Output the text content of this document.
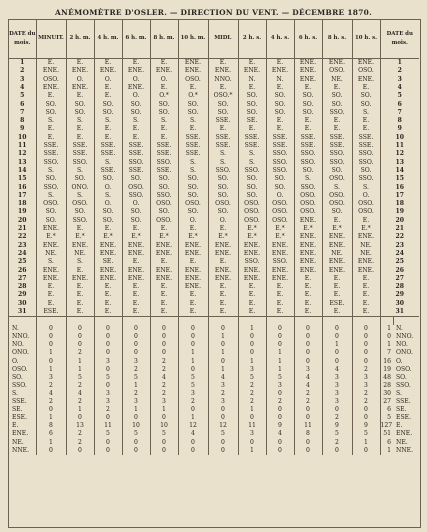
ANÉMOMÈTRE D'OSLER. — DIRECTION DU VENT. — DÉCEMBRE 1870.
DATE du mois.	MINUIT.	2 h. m.	4 h. m.	6 h. m.	8 h. m.	10 h. m.	MIDI.	2 h. s.	4 h. s.	6 h. s.	8 h. s.	10 h. s.	DATE du mois.	
1	E.	E.	E.	E.	E.	ENE.	E.	E.	E.	ENE.	ENE.	ENE.	1	
2	ENE.	ENE.	ENE.	ENE.	ENE.	ENE.	ENE.	ENE.	ENE.	ENE.	OSO.	OSO.	2	
3	OSO.	O.	O.	O.	O.	OSO.	NNO.	N.	N.	ENE.	NE.	ENE.	3	
4	ENE.	ENE.	E.	ENE.	E.	E.	E.	E.	E.	E.	E.	E.	4	
5	E.	E.	E.	O.	O.*	O.*	OSO.*	SO.	SO.	SO.	SO.	SO.	5	
6	SO.	SO.	SO.	SO.	SO.	SO.	SO.	SO.	SO.	SO.	SO.	SO.	6	
7	SO.	SO.	SO.	SO.	SO.	SO.	SO.	SO.	SO.	SO.	SSO.	S.	7	
8	S.	S.	S.	S.	S.	S.	SSE.	SE.	E.	E.	E.	E.	8	
9	E.	E.	E.	E.	E.	E.	E.	E.	E.	E.	E.	E.	9	
10	E.	E.	E.	E.	E.	SSE.	SSE.	SSE.	SSE.	SSE.	SSE.	SSE.	10	
11	SSE.	SSE.	SSE.	SSE.	SSE.	SSE.	SSE.	SSE.	SSE.	SSE.	SSE.	SSE.	11	
12	SSE.	SSE.	SSE.	SSE.	SSE.	SSE.	S.	S.	SSO.	SSO.	SSO.	SSO.	12	
13	SSO.	SSO.	S.	SSO.	SSO.	S.	S.	S.	SSO.	SSO.	SSO.	SSO.	13	
14	S.	S.	SSE.	SSE.	SSE.	S.	SSO.	SSO.	SSO.	SO.	SO.	SO.	14	
15	SO.	SO.	SO.	SO.	SO.	SO.	SO.	SO.	SO.	S.	OSO.	SSO.	15	
16	SSO.	ONO.	O.	OSO.	SO.	SO.	SO.	SO.	SO.	SSO.	S.	S.	16	
17	S.	S.	S.	SSO.	SSO.	SO.	SO.	SO.	O.	OSO.	OSO.	O.	17	
18	OSO.	OSO.	O.	O.	OSO.	OSO.	OSO.	OSO.	OSO.	OSO.	OSO.	OSO.	18	
19	SO.	SO.	SO.	SO.	SO.	SO.	SO.	OSO.	OSO.	OSO.	SO.	OSO.	19	
20	SO.	SSO.	SO.	SO.	OSO.	O.	O.	OSO.	OSO.	ENE.	E.	E.	20	
21	ENE.	E.	E.	E.	E.	E.	E.	E.*	E.*	E.*	E.*	E.*	21	
22	E.*	E.*	E.*	E.*	E.*	E.*	E.*	E.*	E.*	ENE.	ENE.	ENE.	22	
23	ENE.	ENE.	ENE.	ENE.	ENE.	ENE.	ENE.	ENE.	ENE.	ENE.	ENE.	NE.	23	
24	NE.	NE.	ENE.	ENE.	ENE.	ENE.	ENE.	ENE.	ENE.	ENE.	NE.	NE.	24	
25	S.	S.	SE.	E.	E.	E.	E.	SSO.	SSO.	ENE.	ENE.	ENE.	25	
26	ENE.	E.	ENE.	ENE.	ENE.	ENE.	ENE.	ENE.	ENE.	ENE.	ENE.	ENE.	26	
27	ENE.	ENE.	ENE.	ENE.	ENE.	ENE.	ENE.	ENE.	ENE.	E.	E.	E.	27	
28	E.	E.	E.	E.	E.	ENE.	E.	E.	E.	E.	E.	E.	28	
29	E.	E.	E.	E.	E.	E.	E.	E.	E.	E.	E.	E.	29	
30	E.	E.	E.	E.	E.	E.	E.	E.	E.	E.	ESE.	E.	30	
31	ESE.	E.	E.	E.	E.	E.	E.	E.	E.	E.	E.	E.	31	

N.	0	0	0	0	0	0	0	1	0	0	0	0	1	N.
NNO.	0	0	0	0	0	0	1	0	0	0	0	0	0	NNO.
NO.	0	0	0	0	0	0	0	0	0	0	1	0	1	NO.
ONO.	1	2	0	0	0	1	1	0	1	0	0	0	7	ONO.
O.	0	1	3	3	2	1	0	1	1	0	0	0	16	O.
OSO.	1	1	0	2	2	0	1	3	1	3	4	2	19	OSO.
SO.	3	5	5	5	4	5	4	5	5	4	3	3	48	SO.
SSO.	2	2	0	1	2	5	3	2	3	4	3	3	28	SSO.
S.	4	4	3	2	2	3	2	2	0	2	3	2	30	S.
SSE.	2	2	3	3	3	2	3	2	2	2	3	2	27	SSE.
SE.	0	1	2	1	1	0	0	1	0	0	0	0	6	SE.
ESE.	1	0	0	0	0	1	0	0	0	0	2	0	5	ESE.
E.	8	13	11	10	10	12	12	11	9	11	9	9	127	E.
ENE.	6	2	5	5	5	4	5	3	4	8	5	5	51	ENE.
NE.	1	2	0	0	0	0	0	0	0	0	2	1	6	NE.
NNE.	0	0	0	0	0	0	0	1	0	0	0	0	1	NNE.
